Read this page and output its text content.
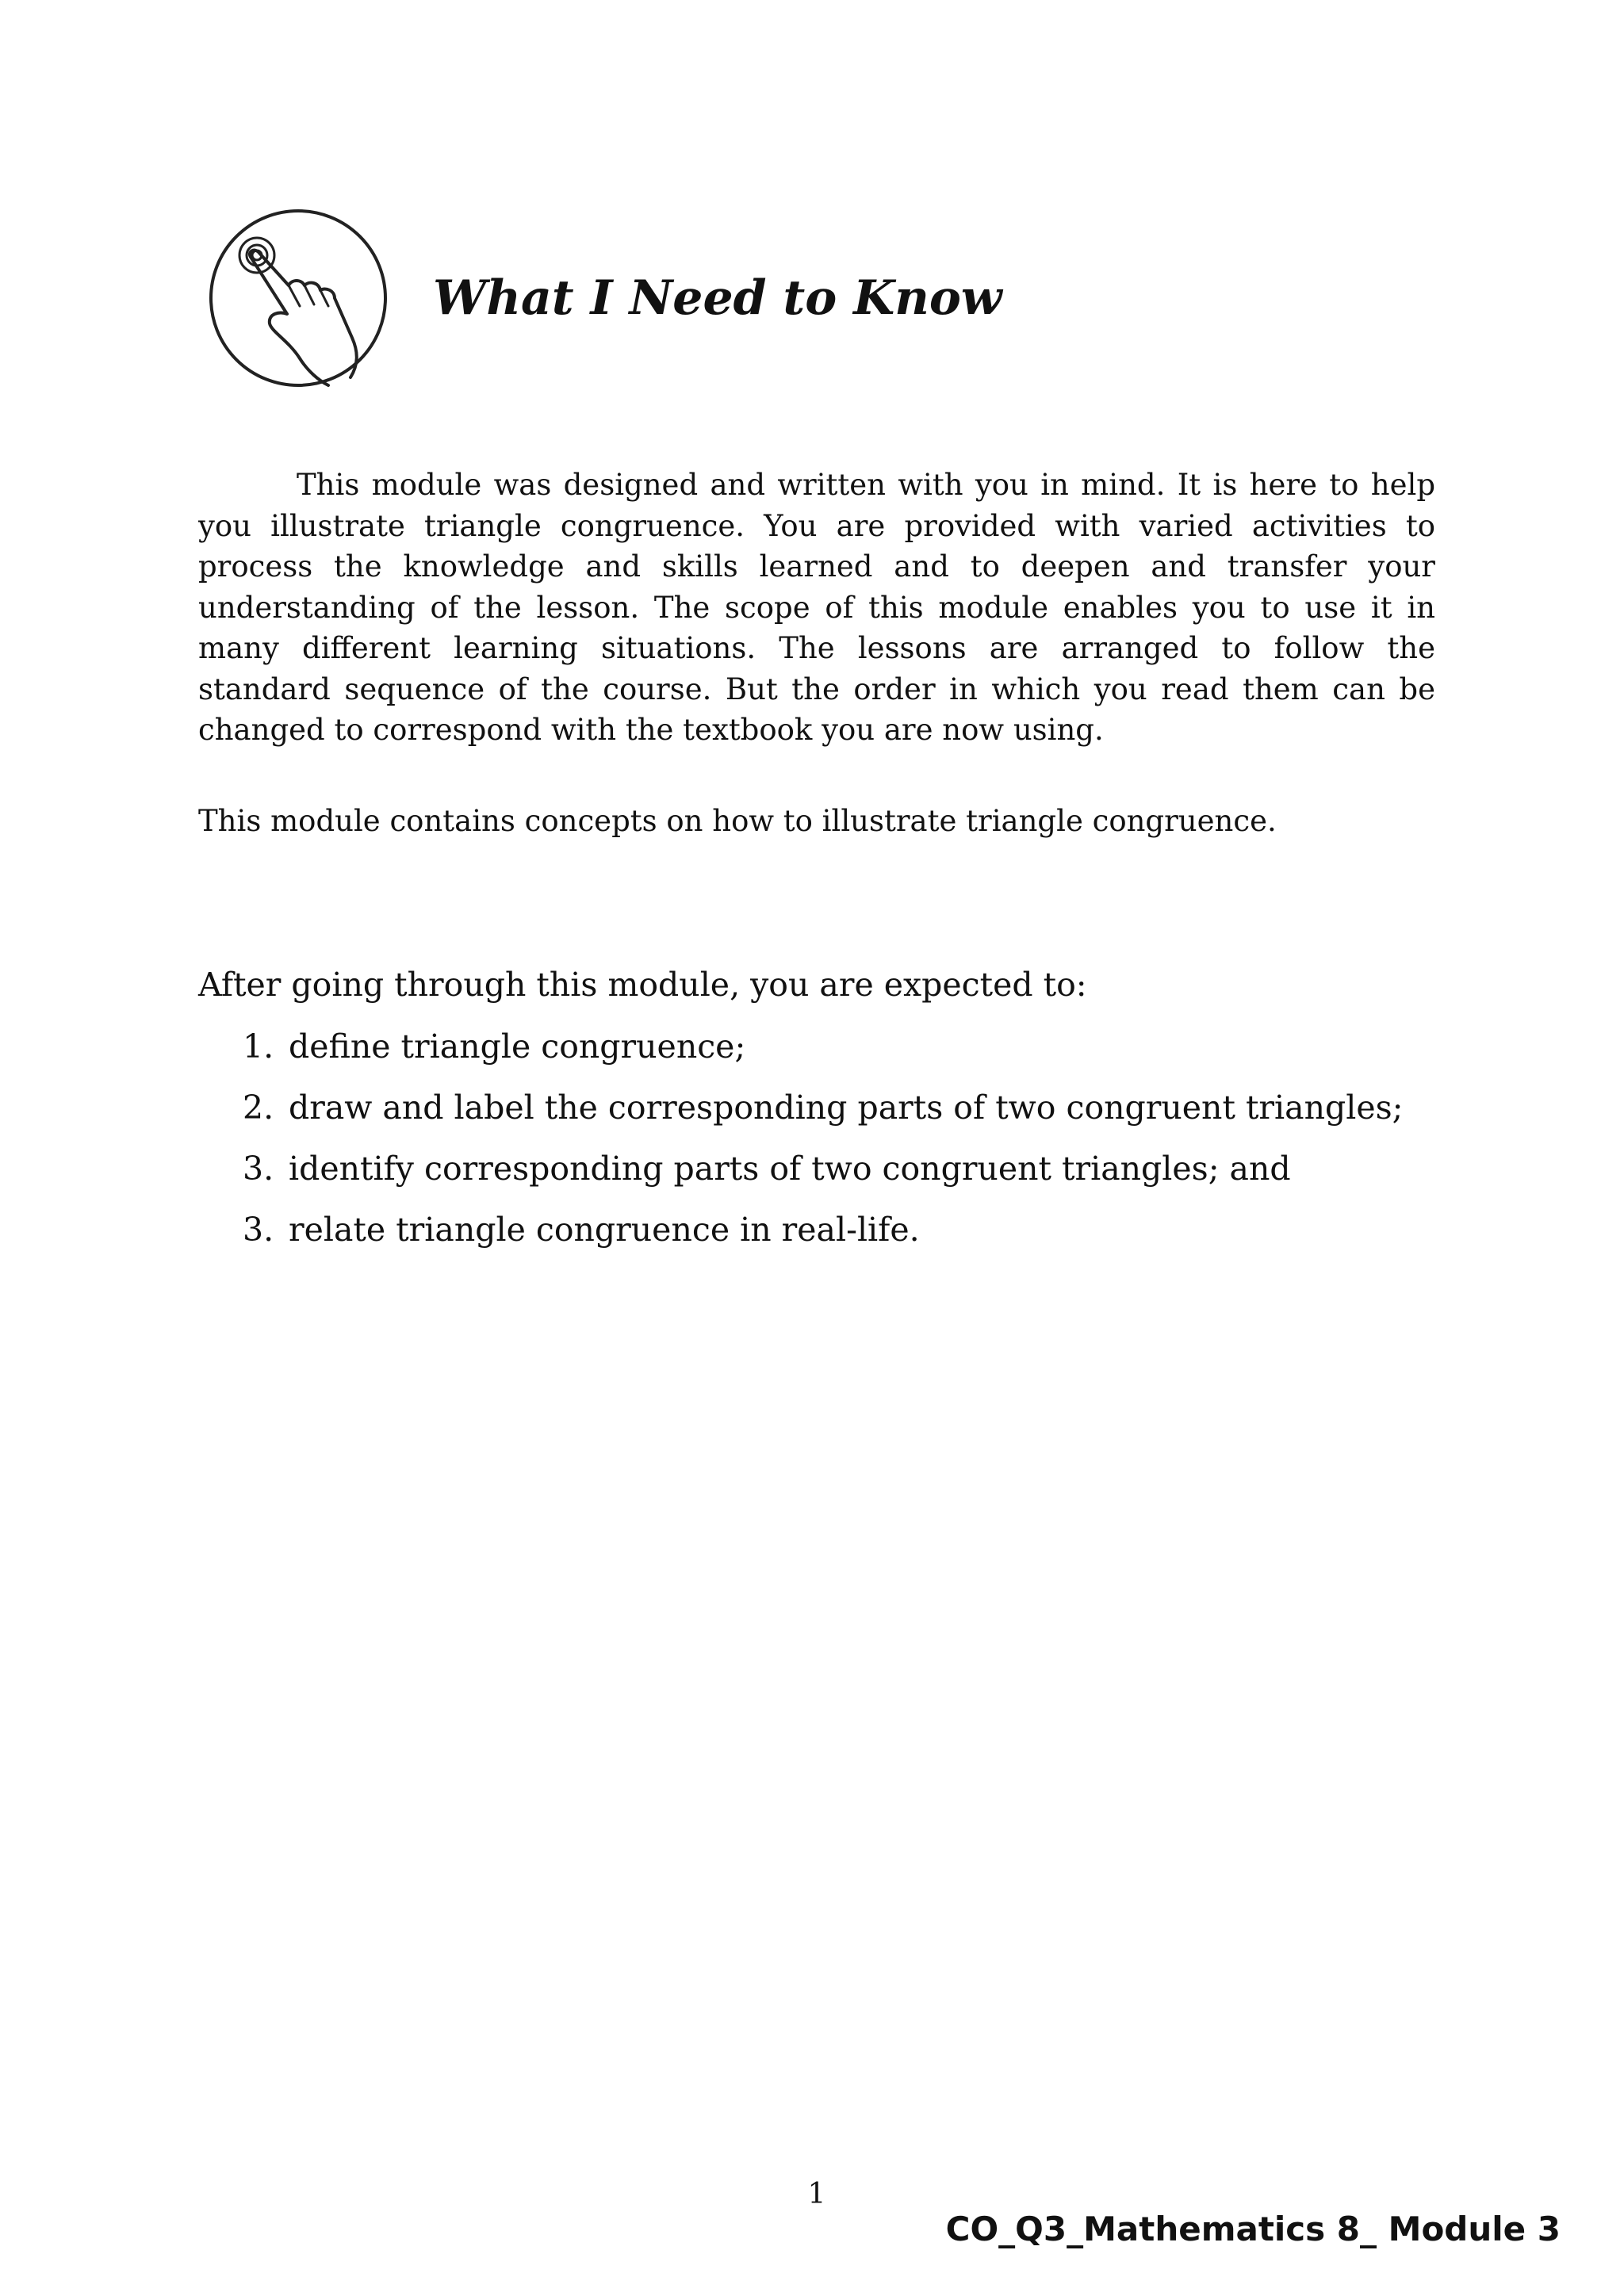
What I Need to Know

This module was designed and written with you in mind. It is here to help you illustrate triangle congruence. You are provided with varied activities to process the knowledge and skills learned and to deepen and transfer your understanding of the lesson. The scope of this module enables you to use it in many different learning situations. The lessons are arranged to follow the standard sequence of the course. But the order in which you read them can be changed to correspond with the textbook you are now using.

This module contains concepts on how to illustrate triangle congruence.

After going through this module, you are expected to:

1. define triangle congruence;
2. draw and label the corresponding parts of two congruent triangles;
3. identify corresponding parts of two congruent triangles; and
3. relate triangle congruence in real-life.
1
CO_Q3_Mathematics 8_ Module 3
